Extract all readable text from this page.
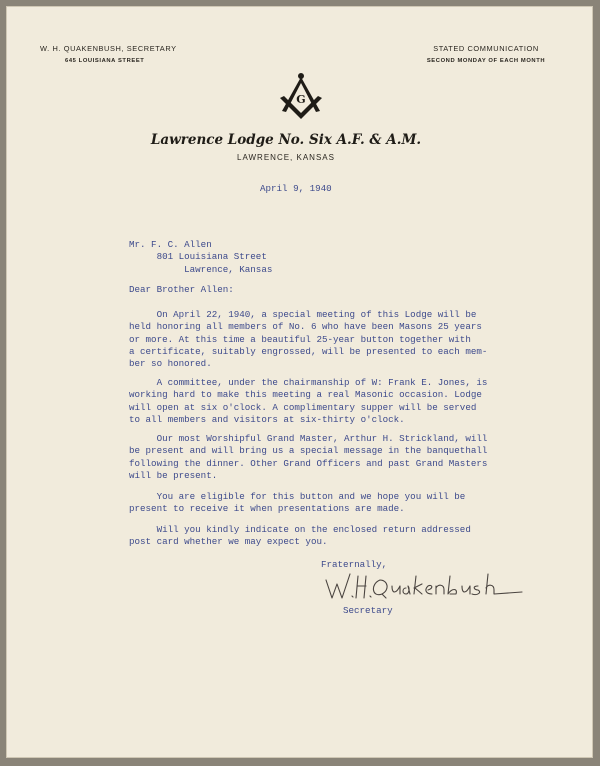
W. H. QUAKENBUSH, SECRETARY
645 LOUISIANA STREET
STATED COMMUNICATION
SECOND MONDAY OF EACH MONTH
G
Lawrence Lodge No. Six A.F. & A.M.
LAWRENCE, KANSAS
April 9, 1940
Mr. F. C. Allen
801 Louisiana Street
Lawrence, Kansas
Dear Brother Allen:
On April 22, 1940, a special meeting of this Lodge will be
held honoring all members of No. 6 who have been Masons 25 years
or more. At this time a beautiful 25-year button together with
a certificate, suitably engrossed, will be presented to each mem-
ber so honored.
A committee, under the chairmanship of W: Frank E. Jones, is
working hard to make this meeting a real Masonic occasion. Lodge
will open at six o'clock. A complimentary supper will be served
to all members and visitors at six-thirty o'clock.
Our most Worshipful Grand Master, Arthur H. Strickland, will
be present and will bring us a special message in the banquethall
following the dinner. Other Grand Officers and past Grand Masters
will be present.
You are eligible for this button and we hope you will be
present to receive it when presentations are made.
Will you kindly indicate on the enclosed return addressed
post card whether we may expect you.
Fraternally,
Secretary
